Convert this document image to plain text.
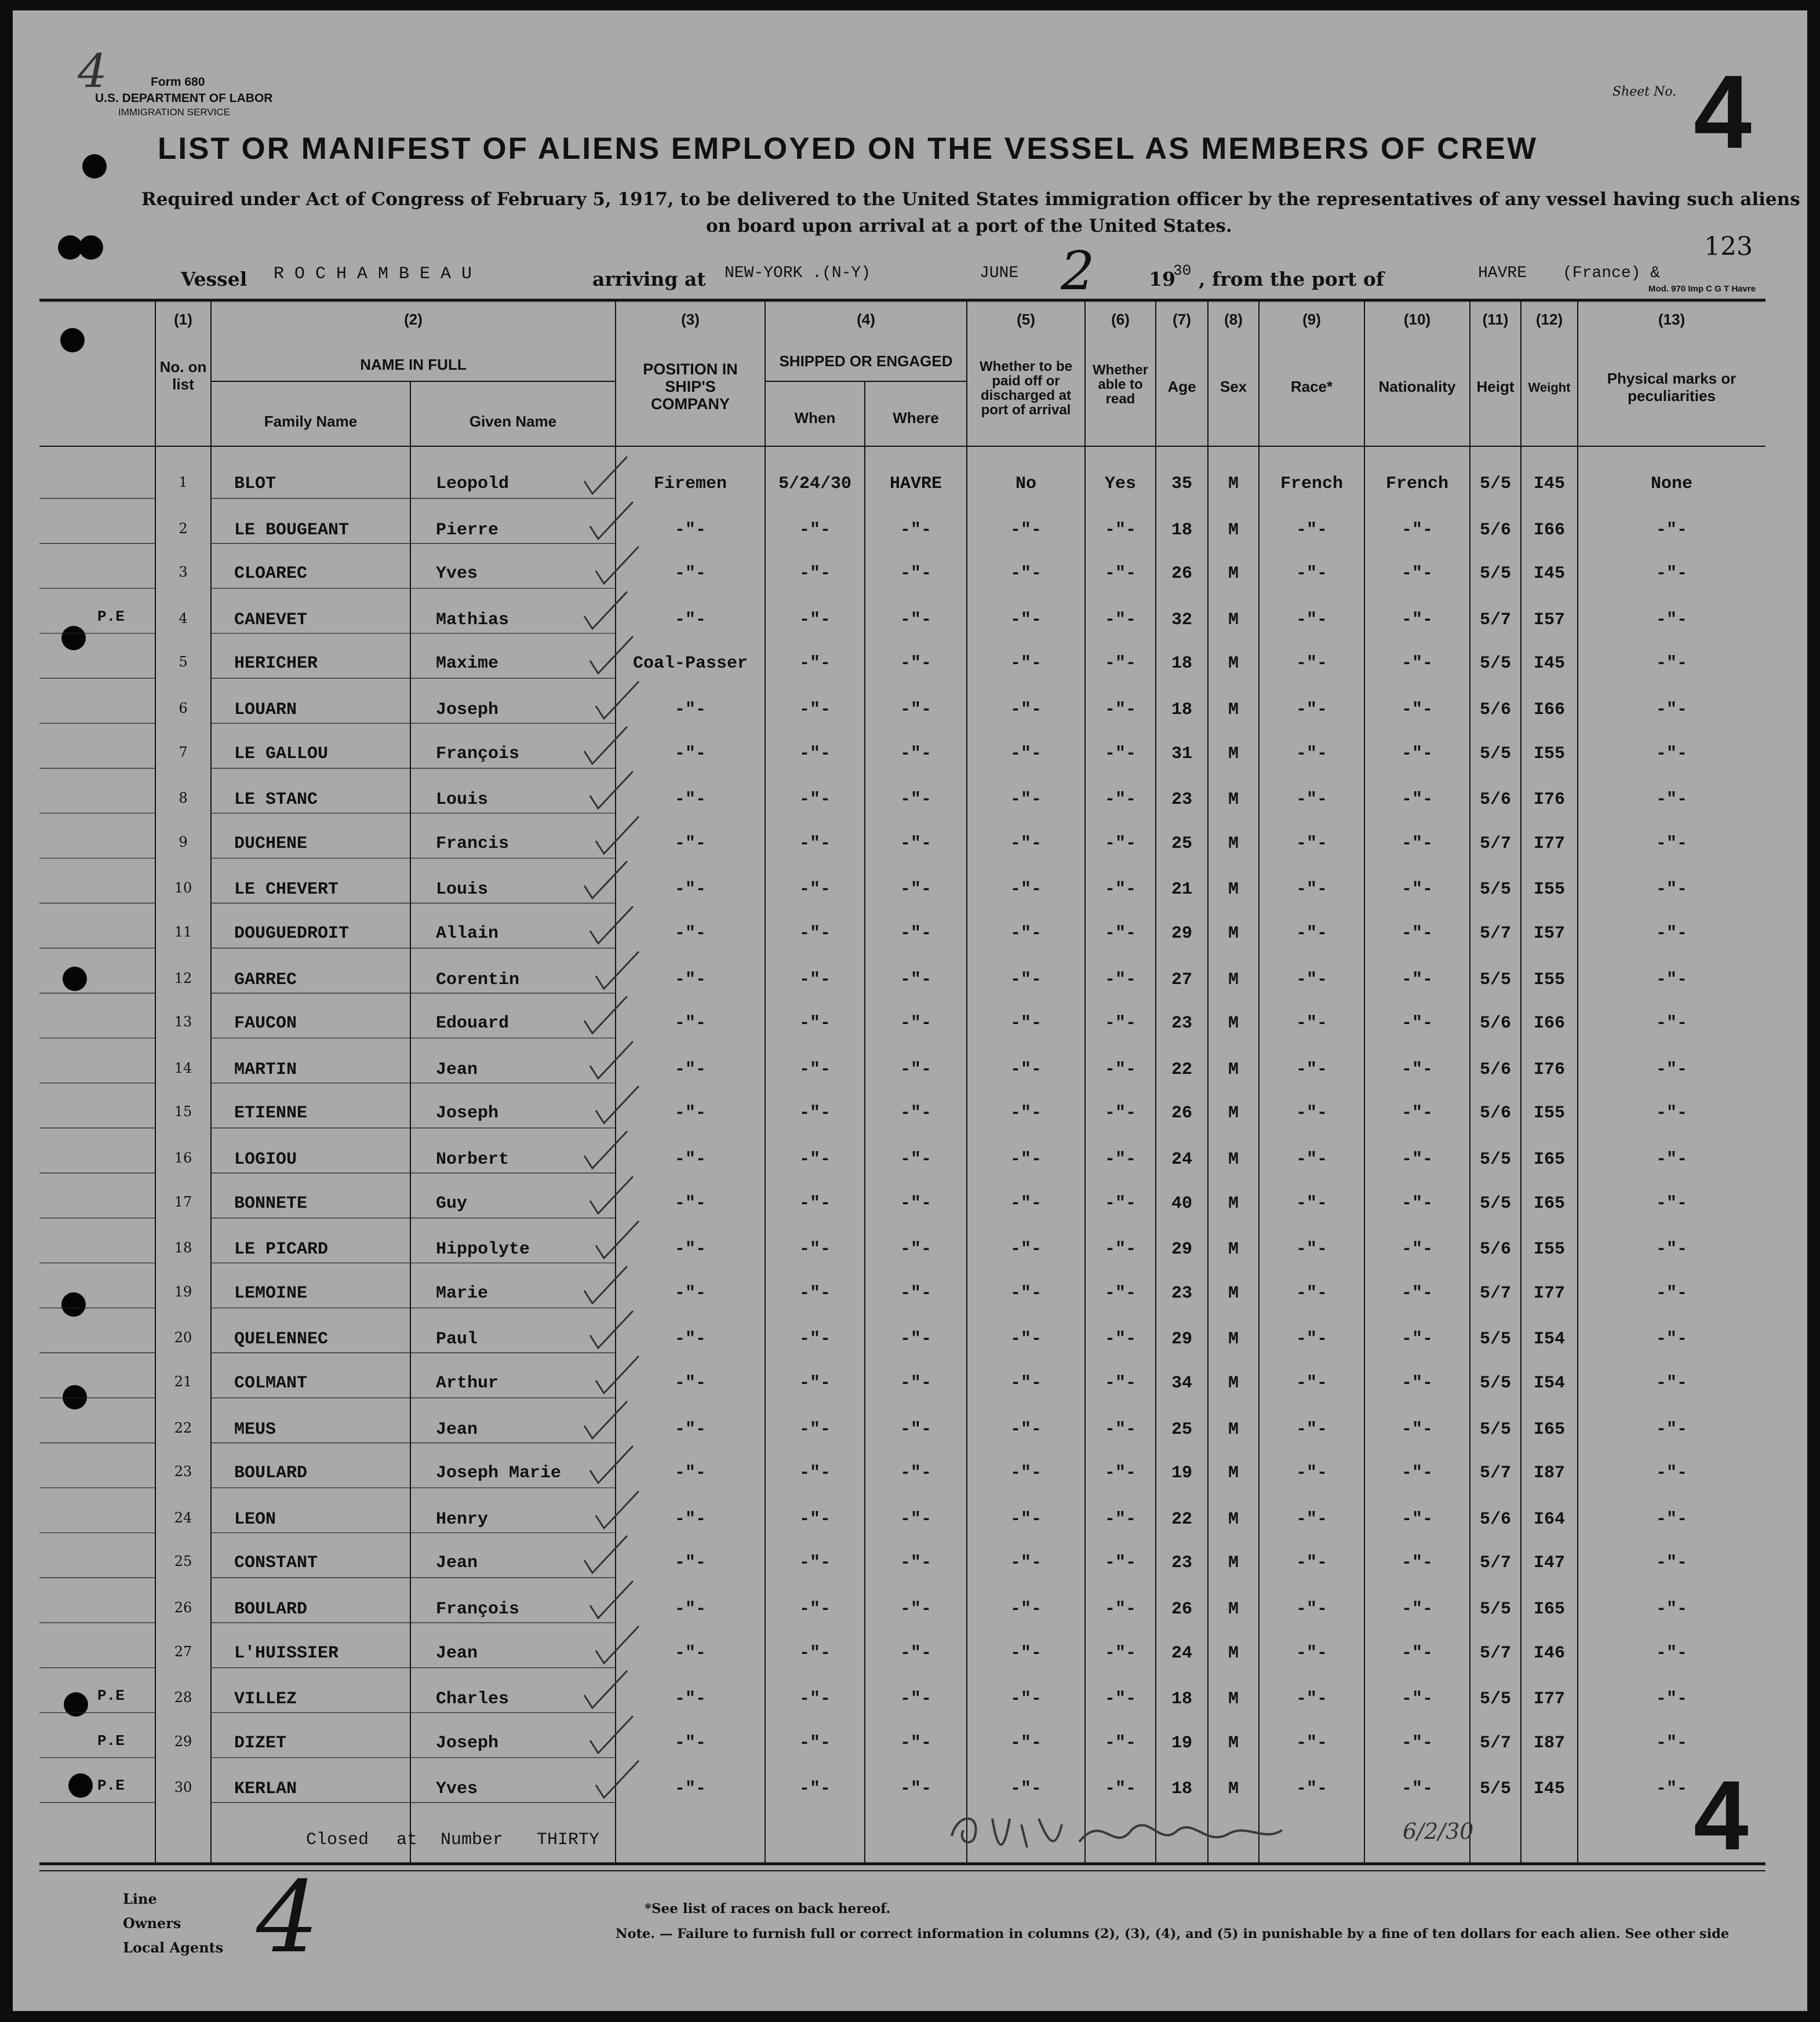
4	Form 680
U.S. DEPARTMENT OF LABOR
IMMIGRATION SERVICE
Sheet No. 4
LIST OR MANIFEST OF ALIENS EMPLOYED ON THE VESSEL AS MEMBERS OF CREW
Required under Act of Congress of February 5, 1917, to be delivered to the United States immigration officer by the representatives of any vessel having such aliens
on board upon arrival at a port of the United States.
123
Vessel R O C H A M B E A U	arriving at NEW-YORK .(N-Y)	JUNE 2	19
30 , from the port of	HAVRE (France) &
Mod. 970 Imp C G T Havre
(1)
No. on list
(2)
NAME IN FULL
Family Name	Given Name
(3)
POSITION IN SHIP'S COMPANY
(4)
SHIPPED OR ENGAGED
When	Where
(5)
Whether to be paid off or discharged at port of arrival
(6)
Whether able to read
(7)
Age
(8)
Sex
(9)
Race*
(10)
Nationality
(11)
Heigt
(12)
Weight
(13)
Physical marks or peculiarities
1	BLOT	Leopold	Firemen	5/24/30	HAVRE	No	Yes	35	M	French	French	5/5	I45	None
2	LE BOUGEANT	Pierre	-"-	-"-	-"-	-"-	-"-	18	M	-"-	-"-	5/6	I66	-"-
3	CLOAREC	Yves	-"-	-"-	-"-	-"-	-"-	26	M	-"-	-"-	5/5	I45	-"-
4	CANEVET	Mathias	-"-	-"-	-"-	-"-	-"-	32	M	-"-	-"-	5/7	I57	-"-
P.E
5	HERICHER	Maxime	Coal-Passer	-"-	-"-	-"-	-"-	18	M	-"-	-"-	5/5	I45	-"-
6	LOUARN	Joseph	-"-	-"-	-"-	-"-	-"-	18	M	-"-	-"-	5/6	I66	-"-
7	LE GALLOU	François	-"-	-"-	-"-	-"-	-"-	31	M	-"-	-"-	5/5	I55	-"-
8	LE STANC	Louis	-"-	-"-	-"-	-"-	-"-	23	M	-"-	-"-	5/6	I76	-"-
9	DUCHENE	Francis	-"-	-"-	-"-	-"-	-"-	25	M	-"-	-"-	5/7	I77	-"-
10	LE CHEVERT	Louis	-"-	-"-	-"-	-"-	-"-	21	M	-"-	-"-	5/5	I55	-"-
11	DOUGUEDROIT	Allain	-"-	-"-	-"-	-"-	-"-	29	M	-"-	-"-	5/7	I57	-"-
12	GARREC	Corentin	-"-	-"-	-"-	-"-	-"-	27	M	-"-	-"-	5/5	I55	-"-
13	FAUCON	Edouard	-"-	-"-	-"-	-"-	-"-	23	M	-"-	-"-	5/6	I66	-"-
14	MARTIN	Jean	-"-	-"-	-"-	-"-	-"-	22	M	-"-	-"-	5/6	I76	-"-
15	ETIENNE	Joseph	-"-	-"-	-"-	-"-	-"-	26	M	-"-	-"-	5/6	I55	-"-
16	LOGIOU	Norbert	-"-	-"-	-"-	-"-	-"-	24	M	-"-	-"-	5/5	I65	-"-
17	BONNETE	Guy	-"-	-"-	-"-	-"-	-"-	40	M	-"-	-"-	5/5	I65	-"-
18	LE PICARD	Hippolyte	-"-	-"-	-"-	-"-	-"-	29	M	-"-	-"-	5/6	I55	-"-
19	LEMOINE	Marie	-"-	-"-	-"-	-"-	-"-	23	M	-"-	-"-	5/7	I77	-"-
20	QUELENNEC	Paul	-"-	-"-	-"-	-"-	-"-	29	M	-"-	-"-	5/5	I54	-"-
21	COLMANT	Arthur	-"-	-"-	-"-	-"-	-"-	34	M	-"-	-"-	5/5	I54	-"-
22	MEUS	Jean	-"-	-"-	-"-	-"-	-"-	25	M	-"-	-"-	5/5	I65	-"-
23	BOULARD	Joseph Marie	-"-	-"-	-"-	-"-	-"-	19	M	-"-	-"-	5/7	I87	-"-
24	LEON	Henry	-"-	-"-	-"-	-"-	-"-	22	M	-"-	-"-	5/6	I64	-"-
25	CONSTANT	Jean	-"-	-"-	-"-	-"-	-"-	23	M	-"-	-"-	5/7	I47	-"-
26	BOULARD	François	-"-	-"-	-"-	-"-	-"-	26	M	-"-	-"-	5/5	I65	-"-
27	L'HUISSIER	Jean	-"-	-"-	-"-	-"-	-"-	24	M	-"-	-"-	5/7	I46	-"-
28	VILLEZ	Charles	-"-	-"-	-"-	-"-	-"-	18	M	-"-	-"-	5/5	I77	-"-
P.E
29	DIZET	Joseph	-"-	-"-	-"-	-"-	-"-	19	M	-"-	-"-	5/7	I87	-"-
P.E
30	KERLAN	Yves	-"-	-"-	-"-	-"-	-"-	18	M	-"-	-"-	5/5	I45	-"-
P.E
Closed at Number THIRTY	6/2/30 4
Line
Owners
Local Agents 4	*See list of races on back hereof.
Note. — Failure to furnish full or correct information in columns (2), (3), (4), and (5) in punishable by a fine of ten dollars for each alien. See other side
